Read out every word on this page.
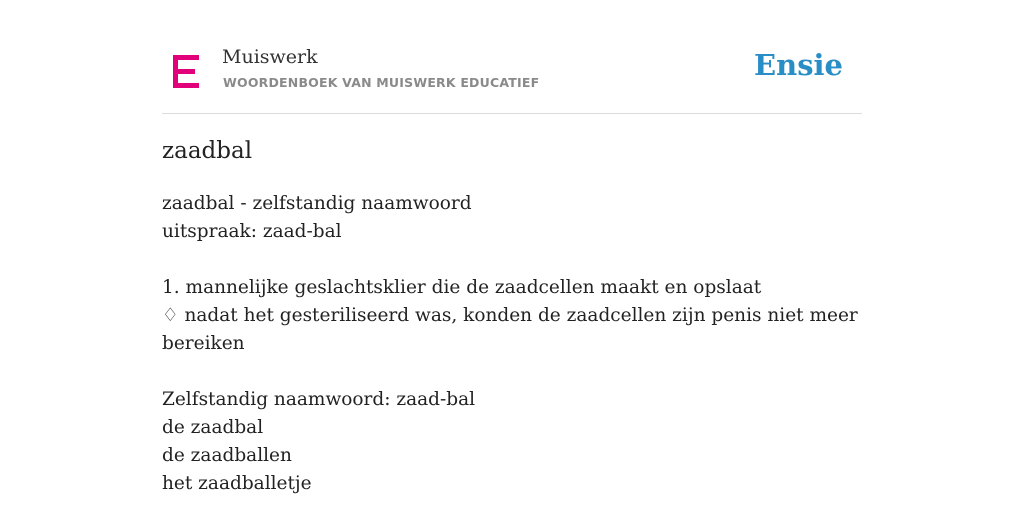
Muiswerk
WOORDENBOEK VAN MUISWERK EDUCATIEF
Ensie
zaadbal
zaadbal - zelfstandig naamwoord
uitspraak: zaad-bal
1. mannelijke geslachtsklier die de zaadcellen maakt en opslaat
♢ nadat het gesteriliseerd was, konden de zaadcellen zijn penis niet meer
bereiken
Zelfstandig naamwoord: zaad-bal
de zaadbal
de zaadballen
het zaadballetje
